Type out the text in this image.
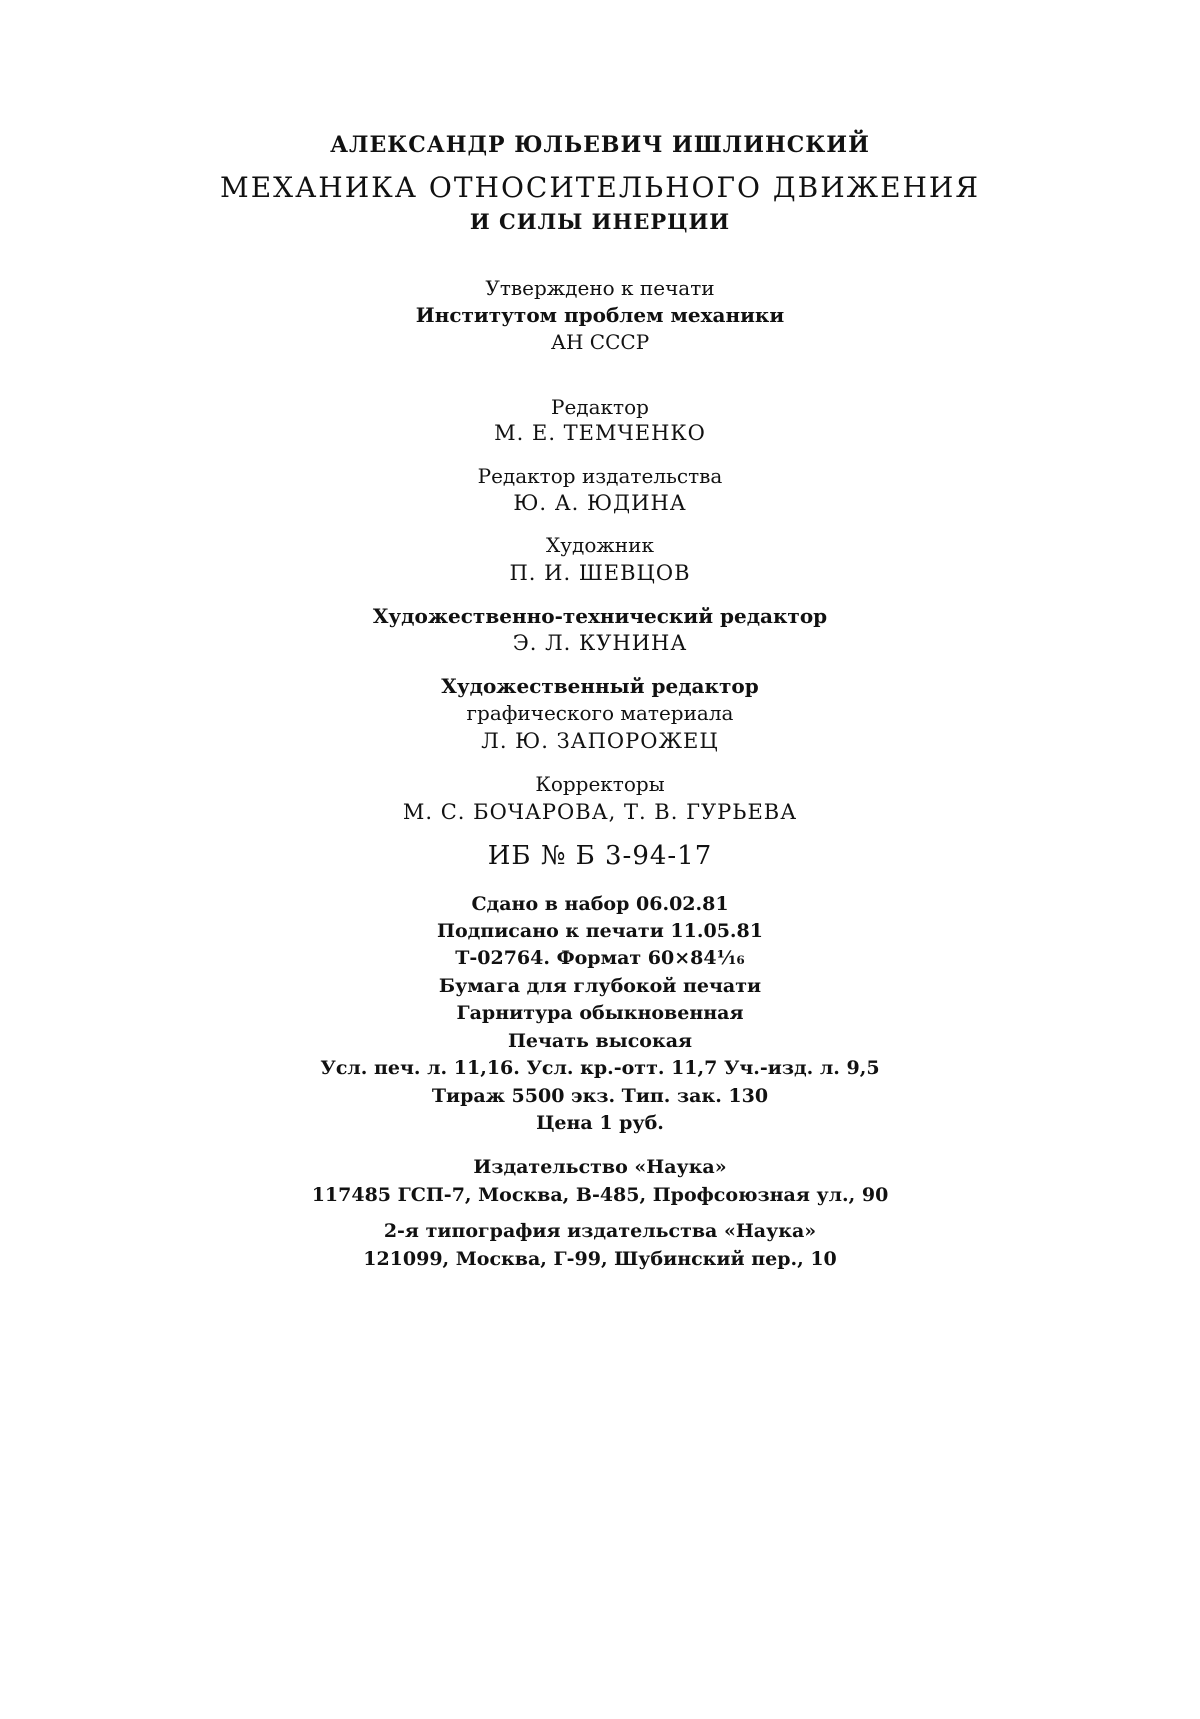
АЛЕКСАНДР ЮЛЬЕВИЧ ИШЛИНСКИЙ
МЕХАНИКА ОТНОСИТЕЛЬНОГО ДВИЖЕНИЯ
И СИЛЫ ИНЕРЦИИ
Утверждено к печати
Институтом проблем механики
АН СССР
Редактор
М. Е. ТЕМЧЕНКО
Редактор издательства
Ю. А. ЮДИНА
Художник
П. И. ШЕВЦОВ
Художественно-технический редактор
Э. Л. КУНИНА
Художественный редактор
графического материала
Л. Ю. ЗАПОРОЖЕЦ
Корректоры
М. С. БОЧАРОВА, Т. В. ГУРЬЕВА
ИБ № Б 3-94-17
Сдано в набор 06.02.81
Подписано к печати 11.05.81
Т-02764. Формат 60×84¹⁄₁₆
Бумага для глубокой печати
Гарнитура обыкновенная
Печать высокая
Усл. печ. л. 11,16. Усл. кр.-отт. 11,7 Уч.-изд. л. 9,5
Тираж 5500 экз. Тип. зак. 130
Цена 1 руб.
Издательство «Наука»
117485 ГСП-7, Москва, В-485, Профсоюзная ул., 90
2-я типография издательства «Наука»
121099, Москва, Г-99, Шубинский пер., 10
